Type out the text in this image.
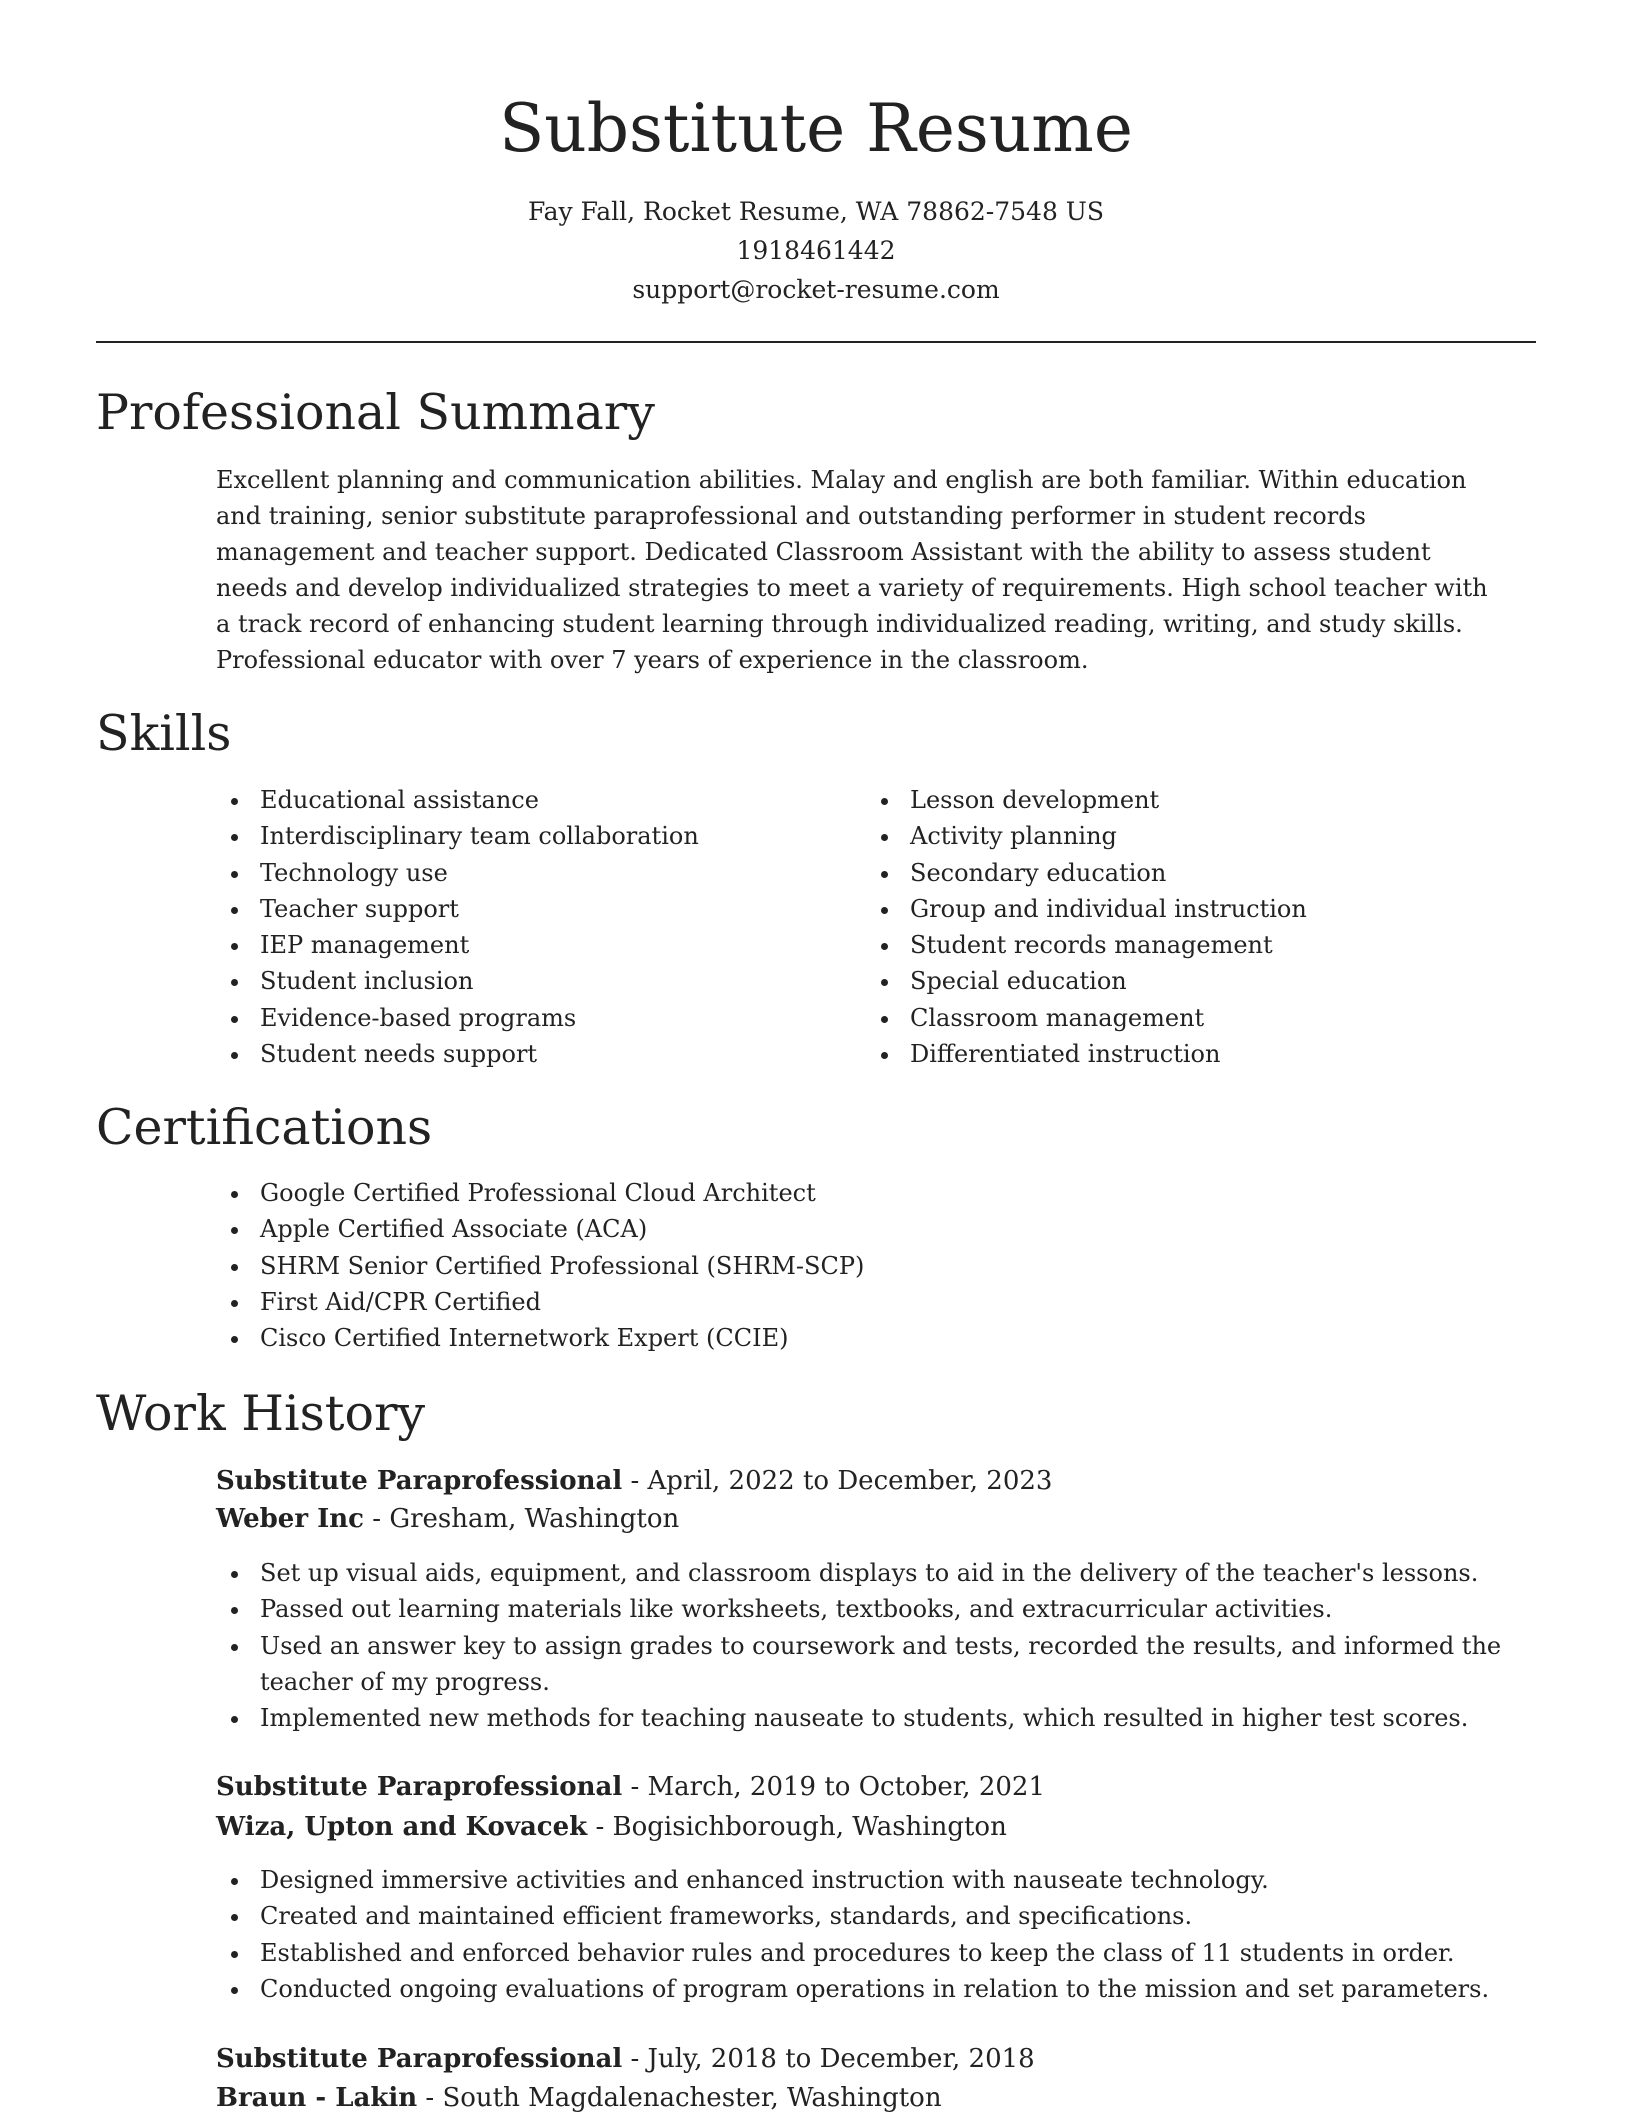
Substitute Resume
Fay Fall, Rocket Resume, WA 78862-7548 US
1918461442
support@rocket-resume.com
Professional Summary

Excellent planning and communication abilities. Malay and english are both familiar. Within education and training, senior substitute paraprofessional and outstanding performer in student records management and teacher support. Dedicated Classroom Assistant with the ability to assess student needs and develop individualized strategies to meet a variety of requirements. High school teacher with a track record of enhancing student learning through individualized reading, writing, and study skills. Professional educator with over 7 years of experience in the classroom.

Skills
Educational assistance
Interdisciplinary team collaboration
Technology use
Teacher support
IEP management
Student inclusion
Evidence-based programs
Student needs support
Lesson development
Activity planning
Secondary education
Group and individual instruction
Student records management
Special education
Classroom management
Differentiated instruction
Certifications
Google Certified Professional Cloud Architect
Apple Certified Associate (ACA)
SHRM Senior Certified Professional (SHRM-SCP)
First Aid/CPR Certified
Cisco Certified Internetwork Expert (CCIE)
Work History
Substitute Paraprofessional - April, 2022 to December, 2023
Weber Inc - Gresham, Washington
Set up visual aids, equipment, and classroom displays to aid in the delivery of the teacher's lessons.
Passed out learning materials like worksheets, textbooks, and extracurricular activities.
Used an answer key to assign grades to coursework and tests, recorded the results, and informed the teacher of my progress.
Implemented new methods for teaching nauseate to students, which resulted in higher test scores.
Substitute Paraprofessional - March, 2019 to October, 2021
Wiza, Upton and Kovacek - Bogisichborough, Washington
Designed immersive activities and enhanced instruction with nauseate technology.
Created and maintained efficient frameworks, standards, and specifications.
Established and enforced behavior rules and procedures to keep the class of 11 students in order.
Conducted ongoing evaluations of program operations in relation to the mission and set parameters.
Substitute Paraprofessional - July, 2018 to December, 2018
Braun - Lakin - South Magdalenachester, Washington
